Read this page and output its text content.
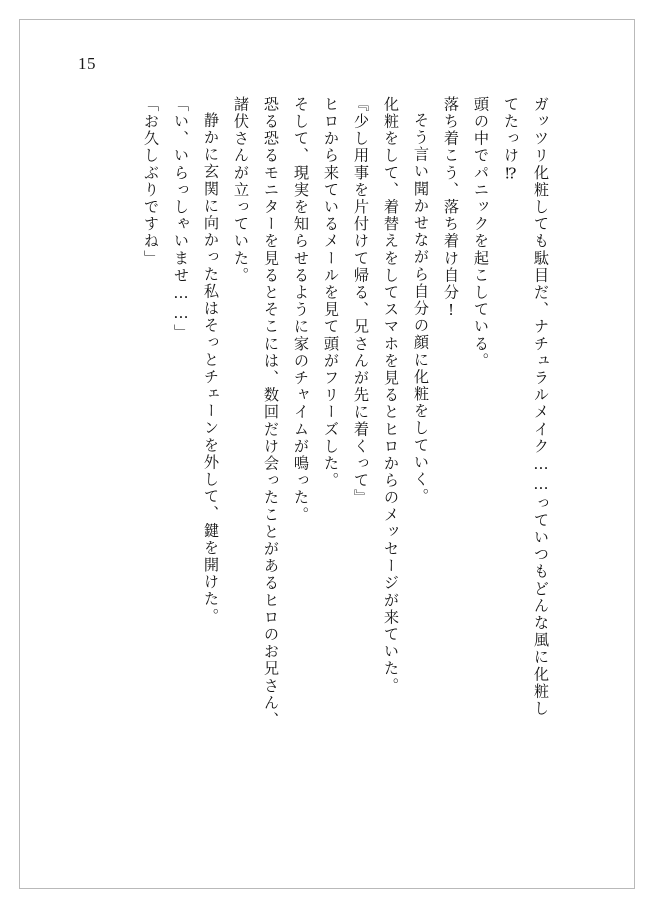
15
ガッツリ化粧しても駄目だ、ナチュラルメイク……っていつもどんな風に化粧し
てたっけ⁉
頭の中でパニックを起こしている。
落ち着こう、落ち着け自分!
そう言い聞かせながら自分の顔に化粧をしていく。
化粧をして、着替えをしてスマホを見るとヒロからのメッセージが来ていた。
『少し用事を片付けて帰る、兄さんが先に着くって』
ヒロから来ているメールを見て頭がフリーズした。
そして、現実を知らせるように家のチャイムが鳴った。
恐る恐るモニターを見るとそこには、数回だけ会ったことがあるヒロのお兄さん、
諸伏さんが立っていた。
静かに玄関に向かった私はそっとチェーンを外して、鍵を開けた。
「い、いらっしゃいませ……」
「お久しぶりですね」
